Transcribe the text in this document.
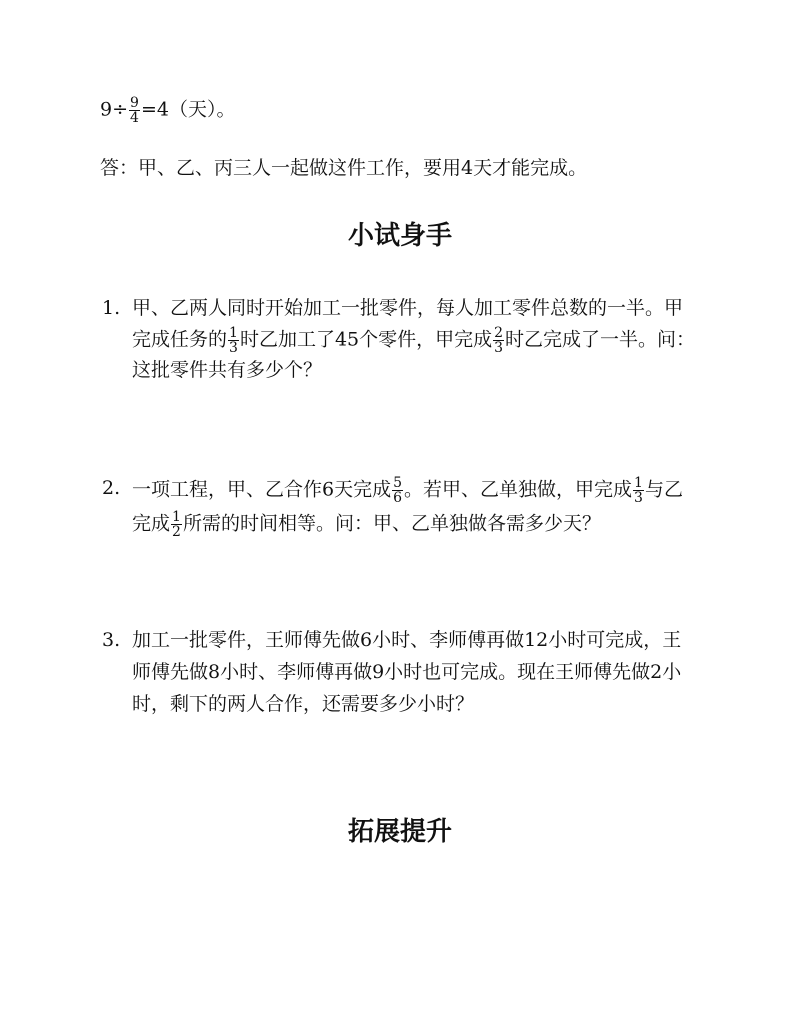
$9\div \frac{9}{4} =4$（天）。
答：甲、乙、丙三人一起做这件工作，要用4天才能完成。
小试身手
1. 甲、乙两人同时开始加工一批零件，每人加工零件总数的一半。甲
完成任务的 $\frac{1}{3}$ 时乙加工了45个零件，甲完成 $\frac{2}{3}$ 时乙完成了一半。问：
这批零件共有多少个？
2. 一项工程，甲、乙合作6天完成 $\frac{5}{6}$ 。若甲、乙单独做，甲完成 $\frac{1}{3}$ 与乙
完成 $\frac{1}{2}$ 所需的时间相等。问：甲、乙单独做各需多少天？
3. 加工一批零件，王师傅先做6小时、李师傅再做12小时可完成，王
师傅先做8小时、李师傅再做9小时也可完成。现在王师傅先做2小
时，剩下的两人合作，还需要多少小时？
拓展提升
